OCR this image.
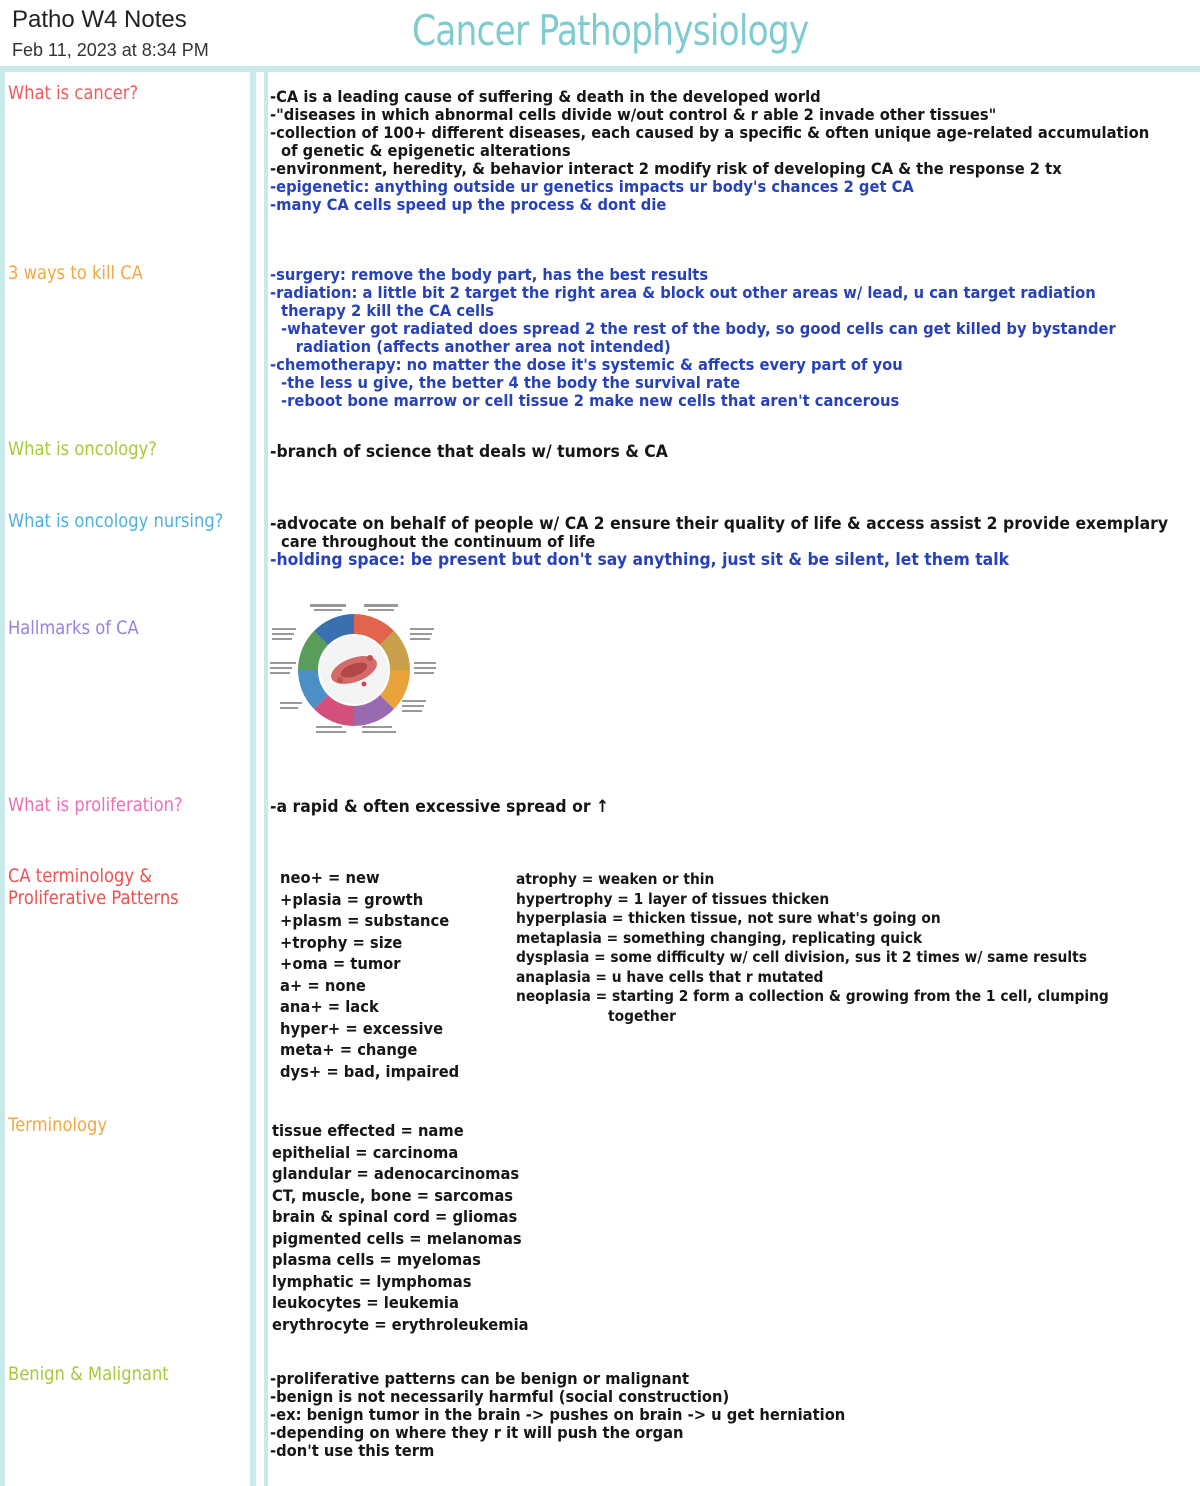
Patho W4 Notes
Feb 11, 2023 at 8:34 PM	Cancer Pathophysiology
What is cancer?
3 ways to kill CA
What is oncology?
What is oncology nursing?
Hallmarks of CA
What is proliferation?
CA terminology &
Proliferative Patterns
Terminology
Benign & Malignant
-CA is a leading cause of suffering & death in the developed world
-"diseases in which abnormal cells divide w/out control & r able 2 invade other tissues"
-collection of 100+ different diseases, each caused by a specific & often unique age-related accumulation
of genetic & epigenetic alterations
-environment, heredity, & behavior interact 2 modify risk of developing CA & the response 2 tx
-epigenetic: anything outside ur genetics impacts ur body's chances 2 get CA
-many CA cells speed up the process & dont die
-surgery: remove the body part, has the best results
-radiation: a little bit 2 target the right area & block out other areas w/ lead, u can target radiation
therapy 2 kill the CA cells
-whatever got radiated does spread 2 the rest of the body, so good cells can get killed by bystander
radiation (affects another area not intended)
-chemotherapy: no matter the dose it's systemic & affects every part of you
-the less u give, the better 4 the body the survival rate
-reboot bone marrow or cell tissue 2 make new cells that aren't cancerous
-branch of science that deals w/ tumors & CA
-advocate on behalf of people w/ CA 2 ensure their quality of life & access assist 2 provide exemplary
care throughout the continuum of life
-holding space: be present but don't say anything, just sit & be silent, let them talk
-a rapid & often excessive spread or ↑
neo+ = new
+plasia = growth
+plasm = substance
+trophy = size
+oma = tumor
a+ = none
ana+ = lack
hyper+ = excessive
meta+ = change
dys+ = bad, impaired
atrophy = weaken or thin
hypertrophy = 1 layer of tissues thicken
hyperplasia = thicken tissue, not sure what's going on
metaplasia = something changing, replicating quick
dysplasia = some difficulty w/ cell division, sus it 2 times w/ same results
anaplasia = u have cells that r mutated
neoplasia = starting 2 form a collection & growing from the 1 cell, clumping
together
tissue effected = name
epithelial = carcinoma
glandular = adenocarcinomas
CT, muscle, bone = sarcomas
brain & spinal cord = gliomas
pigmented cells = melanomas
plasma cells = myelomas
lymphatic = lymphomas
leukocytes = leukemia
erythrocyte = erythroleukemia
-proliferative patterns can be benign or malignant
-benign is not necessarily harmful (social construction)
-ex: benign tumor in the brain -> pushes on brain -> u get herniation
-depending on where they r it will push the organ
-don't use this term
